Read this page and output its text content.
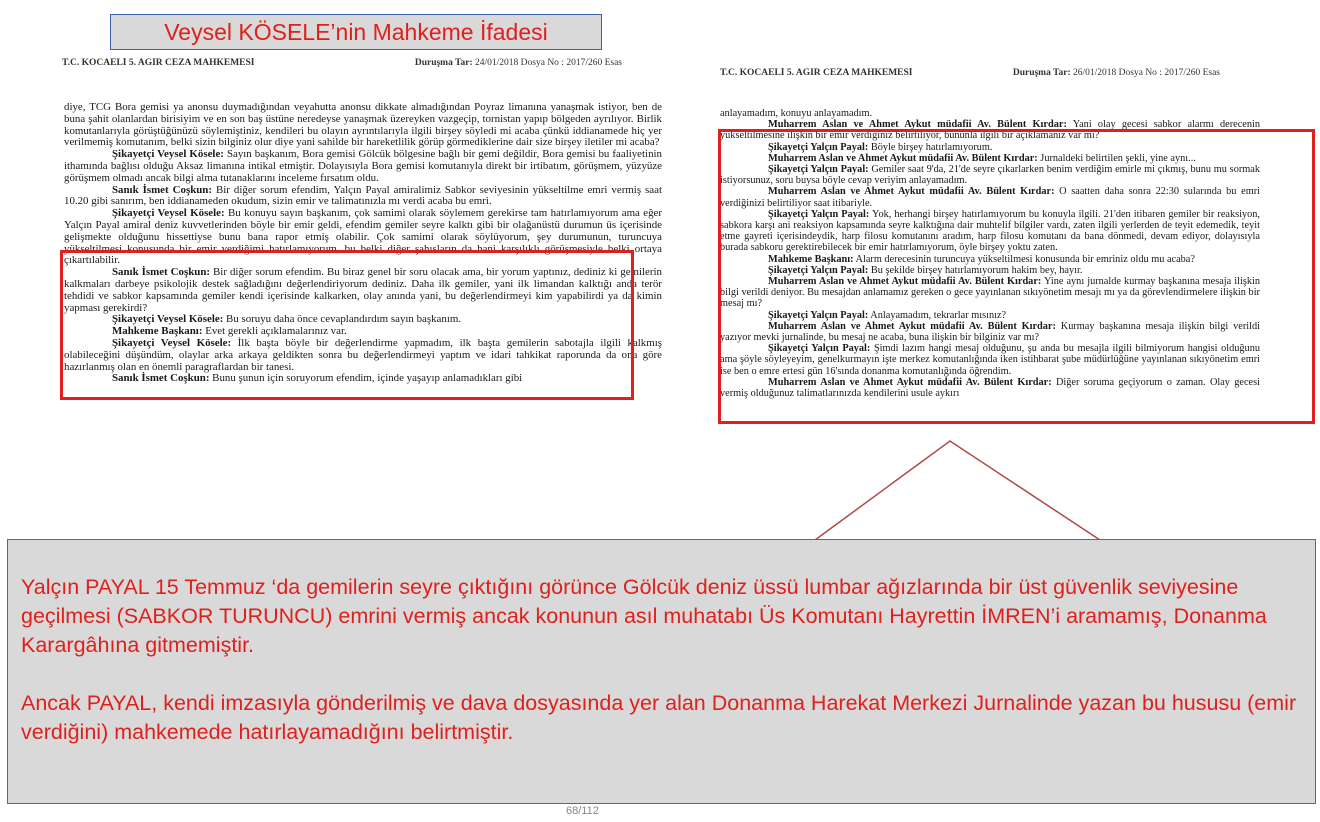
Veysel KÖSELE’nin Mahkeme İfadesi
T.C. KOCAELİ 5. AĞIR CEZA MAHKEMESİ	Duruşma Tar: 24/01/2018 Dosya No : 2017/260 Esas

diye, TCG Bora gemisi ya anonsu duymadığından veyahutta anonsu dikkate almadığından Poyraz limanına yanaşmak istiyor, ben de buna şahit olanlardan birisiyim ve en son baş üstüne neredeyse yanaşmak üzereyken vazgeçip, tornistan yapıp bölgeden ayrılıyor. Birlik komutanlarıyla görüştüğünüzü söylemiştiniz, kendileri bu olayın ayrıntılarıyla ilgili birşey söyledi mi acaba çünkü iddianamede hiç yer verilmemiş komutanım, belki sizin bilginiz olur diye yani sahilde bir hareketlilik görüp görmediklerine dair size birşey iletiler mi acaba?

Şikayetçi Veysel Kösele: Sayın başkanım, Bora gemisi Gölcük bölgesine bağlı bir gemi değildir, Bora gemisi bu faaliyetinin ithamında bağlısı olduğu Aksaz limanına intikal etmiştir. Dolayısıyla Bora gemisi komutanıyla direkt bir irtibatım, görüşmem, yüzyüze görüşmem olmadı ancak bilgi alma tutanaklarını inceleme fırsatım oldu.

Sanık İsmet Coşkun: Bir diğer sorum efendim, Yalçın Payal amiralimiz Sabkor seviyesinin yükseltilme emri vermiş saat 10.20 gibi sanırım, ben iddianameden okudum, sizin emir ve talimatınızla mı verdi acaba bu emri.

Şikayetçi Veysel Kösele: Bu konuyu sayın başkanım, çok samimi olarak söylemem gerekirse tam hatırlamıyorum ama eğer Yalçın Payal amiral deniz kuvvetlerinden böyle bir emir geldi, efendim gemiler seyre kalktı gibi bir olağanüstü durumun üs içerisinde gelişmekte olduğunu hissettiyse bunu bana rapor etmiş olabilir. Çok samimi olarak söylüyorum, şey durumunun, turuncuya yükseltilmesi konusunda bir emir verdiğimi hatırlamıyorum, bu belki diğer şahısların da hani karşılıklı görüşmesiyle belki ortaya çıkartılabilir.

Sanık İsmet Coşkun: Bir diğer sorum efendim. Bu biraz genel bir soru olacak ama, bir yorum yaptınız, dediniz ki gemilerin kalkmaları darbeye psikolojik destek sağladığını değerlendiriyorum dediniz. Daha ilk gemiler, yani ilk limandan kalktığı anda terör tehdidi ve sabkor kapsamında gemiler kendi içerisinde kalkarken, olay anında yani, bu değerlendirmeyi kim yapabilirdi ya da kimin yapması gerekirdi?

Şikayetçi Veysel Kösele: Bu soruyu daha önce cevaplandırdım sayın başkanım.

Mahkeme Başkanı: Evet gerekli açıklamalarınız var.

Şikayetçi Veysel Kösele: İlk başta böyle bir değerlendirme yapmadım, ilk başta gemilerin sabotajla ilgili kalkmış olabileceğini düşündüm, olaylar arka arkaya geldikten sonra bu değerlendirmeyi yaptım ve idari tahkikat raporunda da ona göre hazırlanmış olan en önemli paragraflardan bir tanesi.

Sanık İsmet Coşkun: Bunu şunun için soruyorum efendim, içinde yaşayıp anlamadıkları gibi

T.C. KOCAELİ 5. AĞIR CEZA MAHKEMESİ	Duruşma Tar: 26/01/2018 Dosya No : 2017/260 Esas

anlayamadım, konuyu anlayamadım.

Muharrem Aslan ve Ahmet Aykut müdafii Av. Bülent Kırdar: Yani olay gecesi sabkor alarmı derecenin yükseltilmesine ilişkin bir emir verdiğiniz belirtiliyor, bununla ilgili bir açıklamanız var mı?

Şikayetçi Yalçın Payal: Böyle birşey hatırlamıyorum.

Muharrem Aslan ve Ahmet Aykut müdafii Av. Bülent Kırdar: Jurnaldeki belirtilen şekli, yine aynı...

Şikayetçi Yalçın Payal: Gemiler saat 9'da, 21'de seyre çıkarlarken benim verdiğim emirle mi çıkmış, bunu mu sormak istiyorsunuz, soru buysa böyle cevap veriyim anlayamadım.

Muharrem Aslan ve Ahmet Aykut müdafii Av. Bülent Kırdar: O saatten daha sonra 22:30 sularında bu emri verdiğinizi belirtiliyor saat itibariyle.

Şikayetçi Yalçın Payal: Yok, herhangi birşey hatırlamıyorum bu konuyla ilgili. 21'den itibaren gemiler bir reaksiyon, sabkora karşı ani reaksiyon kapsamında seyre kalktığına dair muhtelif bilgiler vardı, zaten ilgili yerlerden de teyit edemedik, teyit etme gayreti içerisindeydik, harp filosu komutanını aradım, harp filosu komutanı da bana dönmedi, devam ediyor, dolayısıyla burada sabkoru gerektirebilecek bir emir hatırlamıyorum, öyle birşey yoktu zaten.

Mahkeme Başkanı: Alarm derecesinin turuncuya yükseltilmesi konusunda bir emriniz oldu mu acaba?

Şikayetçi Yalçın Payal: Bu şekilde birşey hatırlamıyorum hakim bey, hayır.

Muharrem Aslan ve Ahmet Aykut müdafii Av. Bülent Kırdar: Yine aynı jurnalde kurmay başkanına mesaja ilişkin bilgi verildi deniyor. Bu mesajdan anlamamız gereken o gece yayınlanan sıkıyönetim mesajı mı ya da görevlendirmelere ilişkin bir mesaj mı?

Şikayetçi Yalçın Payal: Anlayamadım, tekrarlar mısınız?

Muharrem Aslan ve Ahmet Aykut müdafii Av. Bülent Kırdar: Kurmay başkanına mesaja ilişkin bilgi verildi yazıyor mevki jurnalinde, bu mesaj ne acaba, buna ilişkin bir bilginiz var mı?

Şikayetçi Yalçın Payal: Şimdi lazım hangi mesaj olduğunu, şu anda bu mesajla ilgili bilmiyorum hangisi olduğunu ama şöyle söyleyeyim, genelkurmayın işte merkez komutanlığında iken istihbarat şube müdürlüğüne yayınlanan sıkıyönetim emri ise ben o emre ertesi gün 16'sında donanma komutanlığında öğrendim.

Muharrem Aslan ve Ahmet Aykut müdafii Av. Bülent Kırdar: Diğer soruma geçiyorum o zaman. Olay gecesi vermiş olduğunuz talimatlarınızda kendilerini usule aykırı

Yalçın PAYAL 15 Temmuz ‘da gemilerin seyre çıktığını görünce Gölcük deniz üssü lumbar ağızlarında bir üst güvenlik seviyesine geçilmesi (SABKOR TURUNCU) emrini vermiş ancak konunun asıl muhatabı Üs Komutanı Hayrettin İMREN’i aramamış, Donanma Karargâhına gitmemiştir.

Ancak PAYAL, kendi imzasıyla gönderilmiş ve dava dosyasında yer alan Donanma Harekat Merkezi Jurnalinde yazan bu hususu (emir verdiğini) mahkemede hatırlayamadığını belirtmiştir.

68/112
